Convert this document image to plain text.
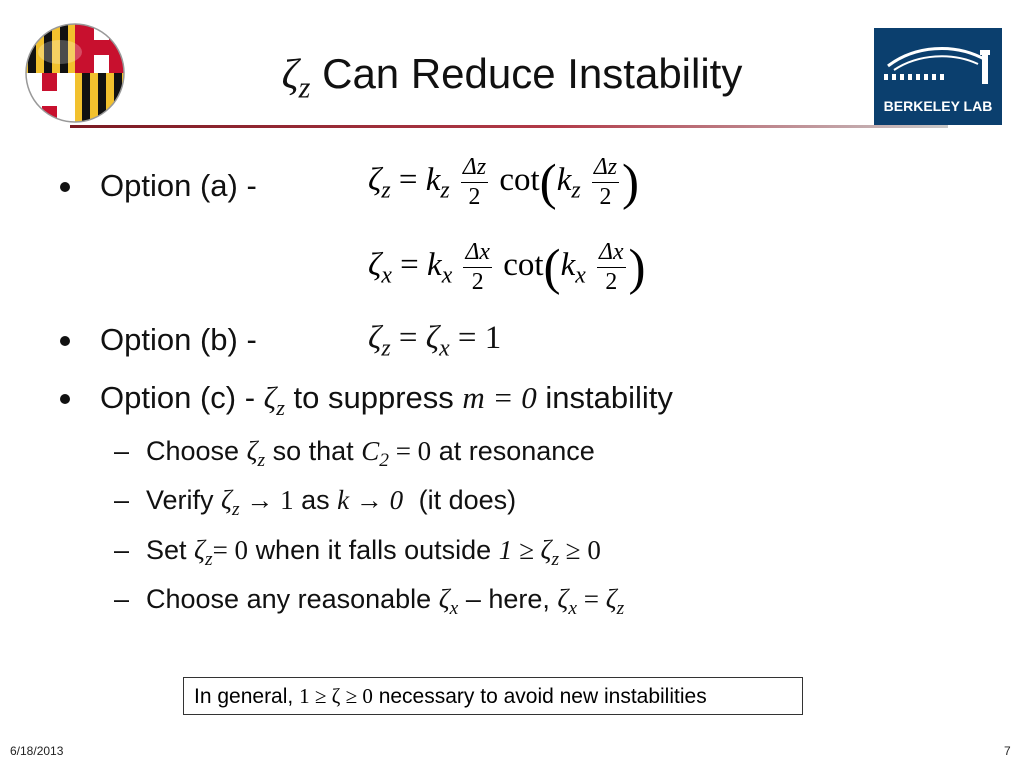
BERKELEY LAB
$\zeta_z$ Can Reduce Instability
Option (a) -	$\zeta_z = k_z \frac{\Delta z}{2} \cot(k_z \frac{\Delta z}{2}$ )
$\zeta_x = k_x \frac{\Delta x}{2} \cot(k_x \frac{\Delta x}{2}$ )
Option (b) -	$\zeta_z = \zeta_x = 1$
Option $(c) - \zeta_z$ to suppress m = 0 instability
– Choose $\zeta_z$ so that $C_2 = 0$ at resonance
– Verify $\zeta_z \to 1$ as k → 0 (it does)
– Set $\zeta_z= 0$ when it falls outside $1 \ge \zeta_z \ge 0$
– Choose any reasonable $\zeta_x$ – here, $\zeta_x = \zeta_z$
In general, 1 ≥ ζ ≥ 0 necessary to avoid new instabilities
6/18/2013	7
